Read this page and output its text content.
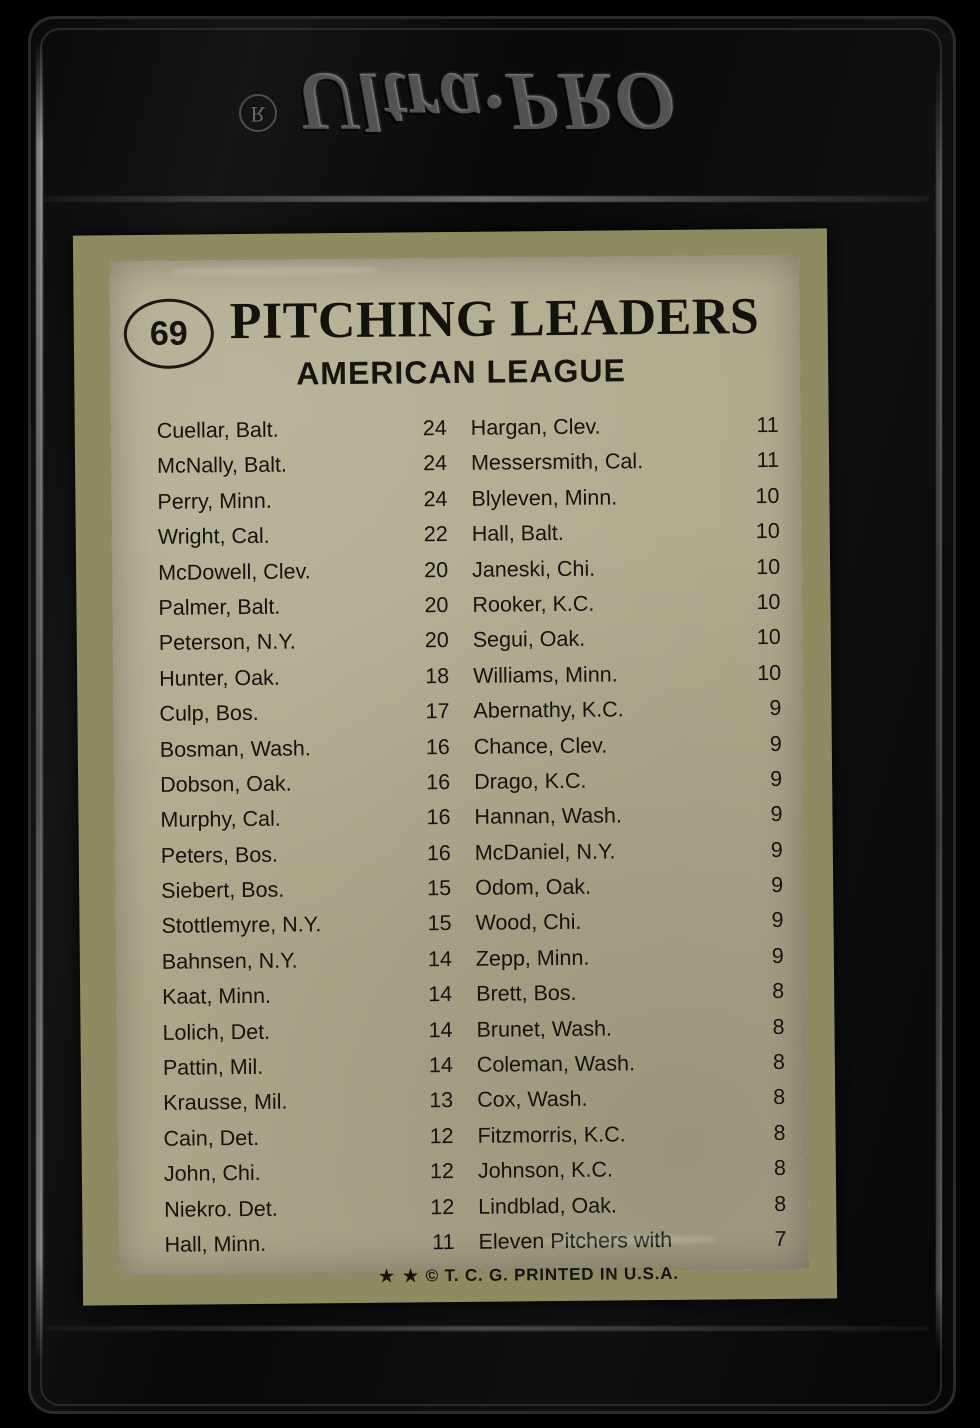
Ultra·PRO
R
69 PITCHING LEADERS
AMERICAN LEAGUE
Cuellar, Balt.	24
McNally, Balt.	24
Perry, Minn.	24
Wright, Cal.	22
McDowell, Clev.	20
Palmer, Balt.	20
Peterson, N.Y.	20
Hunter, Oak.	18
Culp, Bos.	17
Bosman, Wash.	16
Dobson, Oak.	16
Murphy, Cal.	16
Peters, Bos.	16
Siebert, Bos.	15
Stottlemyre, N.Y.	15
Bahnsen, N.Y.	14
Kaat, Minn.	14
Lolich, Det.	14
Pattin, Mil.	14
Krausse, Mil.	13
Cain, Det.	12
John, Chi.	12
Niekro. Det.	12
Hall, Minn.	11
Hargan, Clev.	11
Messersmith, Cal.	11
Blyleven, Minn.	10
Hall, Balt.	10
Janeski, Chi.	10
Rooker, K.C.	10
Segui, Oak.	10
Williams, Minn.	10
Abernathy, K.C.	9
Chance, Clev.	9
Drago, K.C.	9
Hannan, Wash.	9
McDaniel, N.Y.	9
Odom, Oak.	9
Wood, Chi.	9
Zepp, Minn.	9
Brett, Bos.	8
Brunet, Wash.	8
Coleman, Wash.	8
Cox, Wash.	8
Fitzmorris, K.C.	8
Johnson, K.C.	8
Lindblad, Oak.	8
Eleven Pitchers with	7
★ ★ © T. C. G. PRINTED IN U.S.A.
